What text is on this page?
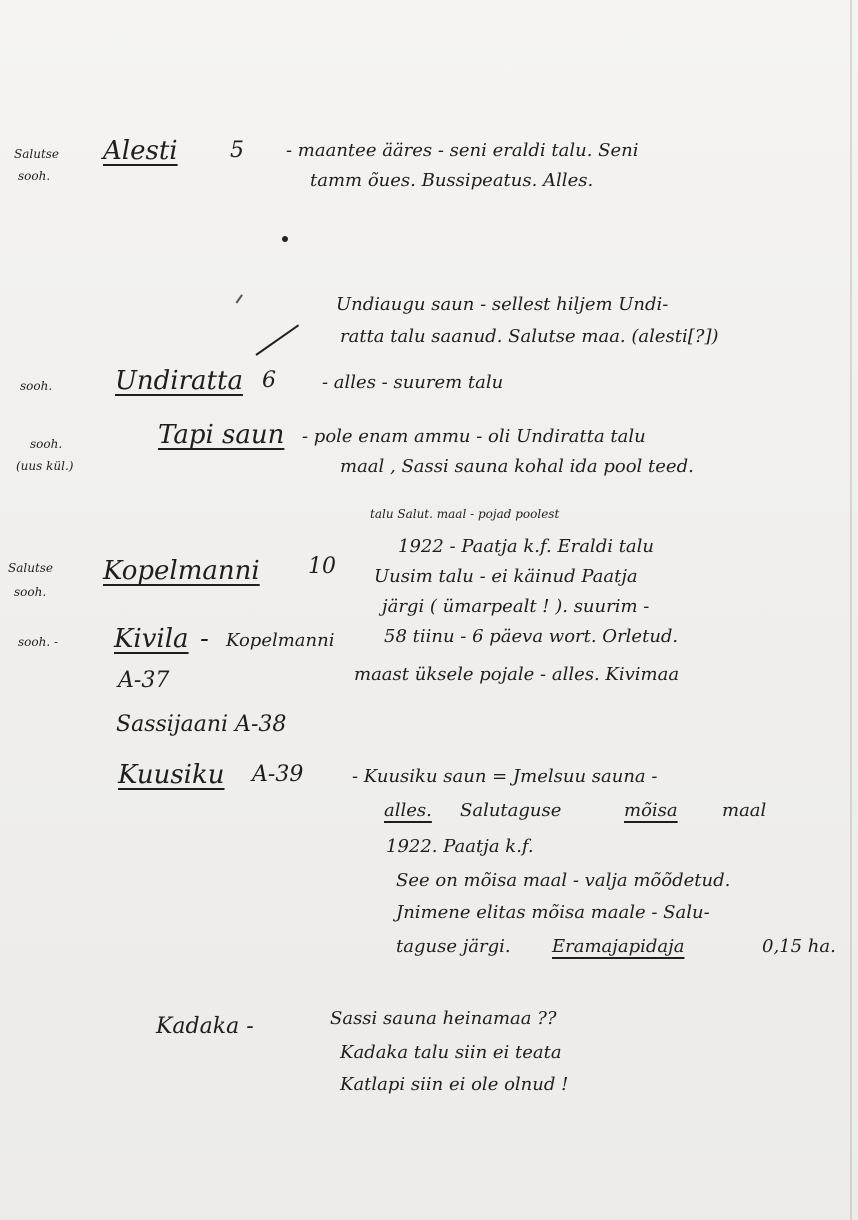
Salutse
sooh.
Alesti 5 - maantee ääres - seni eraldi talu. Seni
tamm õues. Bussipeatus. Alles.
Undiaugu saun - sellest hiljem Undi-
ratta talu saanud. Salutse maa. (alesti[?])
sooh. Undiratta 6	- alles - suurem talu
sooh.
(uus kül.)
Tapi saun - pole enam ammu - oli Undiratta talu
maal , Sassi sauna kohal ida pool teed.
talu Salut. maal - pojad poolest
Salutse
sooh.
Kopelmanni 10
1922 - Paatja k.f. Eraldi talu
Uusim talu - ei käinud Paatja
järgi ( ümarpealt ! ). suurim -
58 tiinu - 6 päeva wort. Orletud.
maast üksele pojale - alles. Kivimaa
sooh. - Kivila - Kopelmanni
A-37
Sassijaani A-38
Kuusiku A-39	- Kuusiku saun = Jmelsuu sauna -
alles. Salutaguse	mõisa maal
1922. Paatja k.f.
See on mõisa maal - valja mõõdetud.
Jnimene elitas mõisa maale - Salu-
taguse järgi. Eramajapidaja	0,15 ha.
Kadaka -	Sassi sauna heinamaa ??
Kadaka talu siin ei teata
Katlapi siin ei ole olnud !
